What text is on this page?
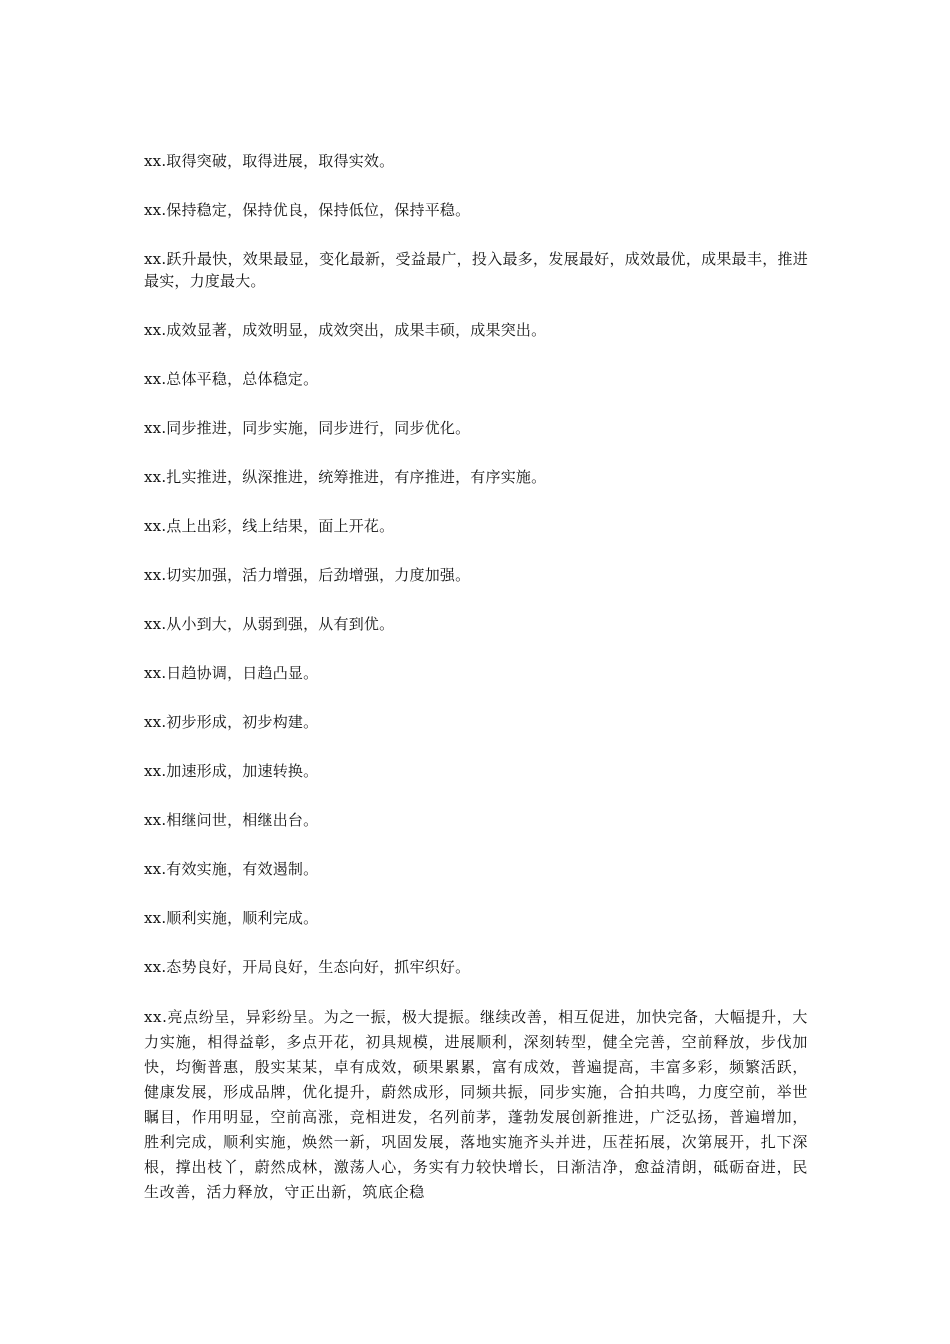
xx.取得突破，取得进展，取得实效。

xx.保持稳定，保持优良，保持低位，保持平稳。

xx.跃升最快，效果最显，变化最新，受益最广，投入最多，发展最好，成效最优，成果最丰，推进最实，力度最大。

xx.成效显著，成效明显，成效突出，成果丰硕，成果突出。

xx.总体平稳，总体稳定。

xx.同步推进，同步实施，同步进行，同步优化。

xx.扎实推进，纵深推进，统筹推进，有序推进，有序实施。

xx.点上出彩，线上结果，面上开花。

xx.切实加强，活力增强，后劲增强，力度加强。

xx.从小到大，从弱到强，从有到优。

xx.日趋协调，日趋凸显。

xx.初步形成，初步构建。

xx.加速形成，加速转换。

xx.相继问世，相继出台。

xx.有效实施，有效遏制。

xx.顺利实施，顺利完成。

xx.态势良好，开局良好，生态向好，抓牢织好。

xx.亮点纷呈，异彩纷呈。为之一振，极大提振。继续改善，相互促进，加快完备，大幅提升，大力实施，相得益彰，多点开花，初具规模，进展顺利，深刻转型，健全完善，空前释放，步伐加快，均衡普惠，殷实某某，卓有成效，硕果累累，富有成效，普遍提高，丰富多彩，频繁活跃，健康发展，形成品牌，优化提升，蔚然成形，同频共振，同步实施，合拍共鸣，力度空前，举世瞩目，作用明显，空前高涨，竞相进发，名列前茅，蓬勃发展创新推进，广泛弘扬，普遍增加，胜利完成，顺利实施，焕然一新，巩固发展，落地实施齐头并进，压茬拓展，次第展开，扎下深根，撑出枝丫，蔚然成林，激荡人心，务实有力较快增长，日渐洁净，愈益清朗，砥砺奋进，民生改善，活力释放，守正出新，筑底企稳
